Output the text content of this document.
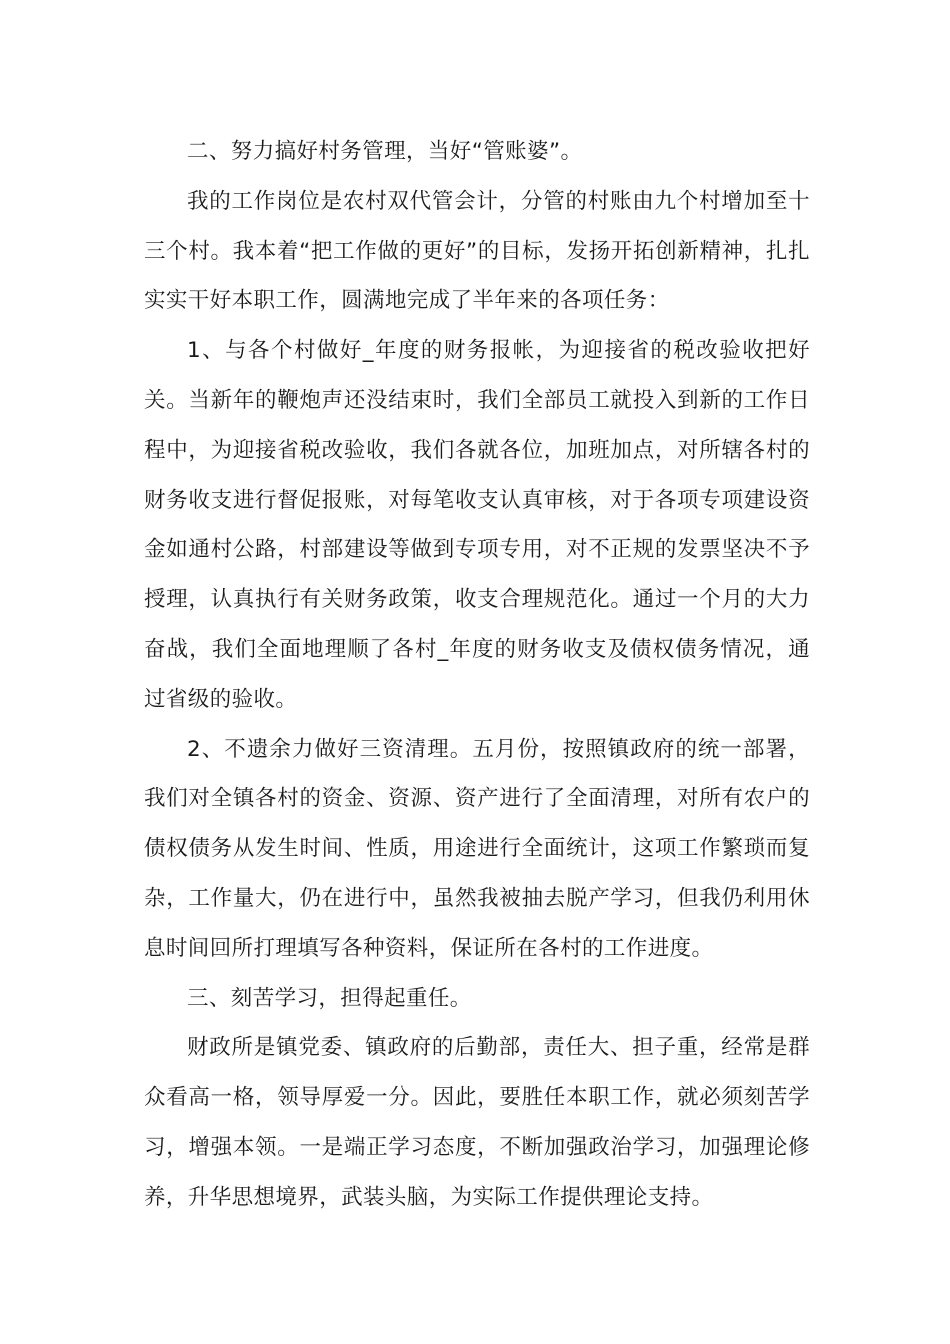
二、努力搞好村务管理，当好“管账婆”。

我的工作岗位是农村双代管会计，分管的村账由九个村增加至十三个村。我本着“把工作做的更好”的目标，发扬开拓创新精神，扎扎实实干好本职工作，圆满地完成了半年来的各项任务：

1、与各个村做好_年度的财务报帐，为迎接省的税改验收把好关。当新年的鞭炮声还没结束时，我们全部员工就投入到新的工作日程中，为迎接省税改验收，我们各就各位，加班加点，对所辖各村的财务收支进行督促报账，对每笔收支认真审核，对于各项专项建设资金如通村公路，村部建设等做到专项专用，对不正规的发票坚决不予授理，认真执行有关财务政策，收支合理规范化。通过一个月的大力奋战，我们全面地理顺了各村_年度的财务收支及债权债务情况，通过省级的验收。

2、不遗余力做好三资清理。五月份，按照镇政府的统一部署，我们对全镇各村的资金、资源、资产进行了全面清理，对所有农户的债权债务从发生时间、性质，用途进行全面统计，这项工作繁琐而复杂，工作量大，仍在进行中，虽然我被抽去脱产学习，但我仍利用休息时间回所打理填写各种资料，保证所在各村的工作进度。

三、刻苦学习，担得起重任。

财政所是镇党委、镇政府的后勤部，责任大、担子重，经常是群众看高一格，领导厚爱一分。因此，要胜任本职工作，就必须刻苦学习，增强本领。一是端正学习态度，不断加强政治学习，加强理论修养，升华思想境界，武装头脑，为实际工作提供理论支持。
